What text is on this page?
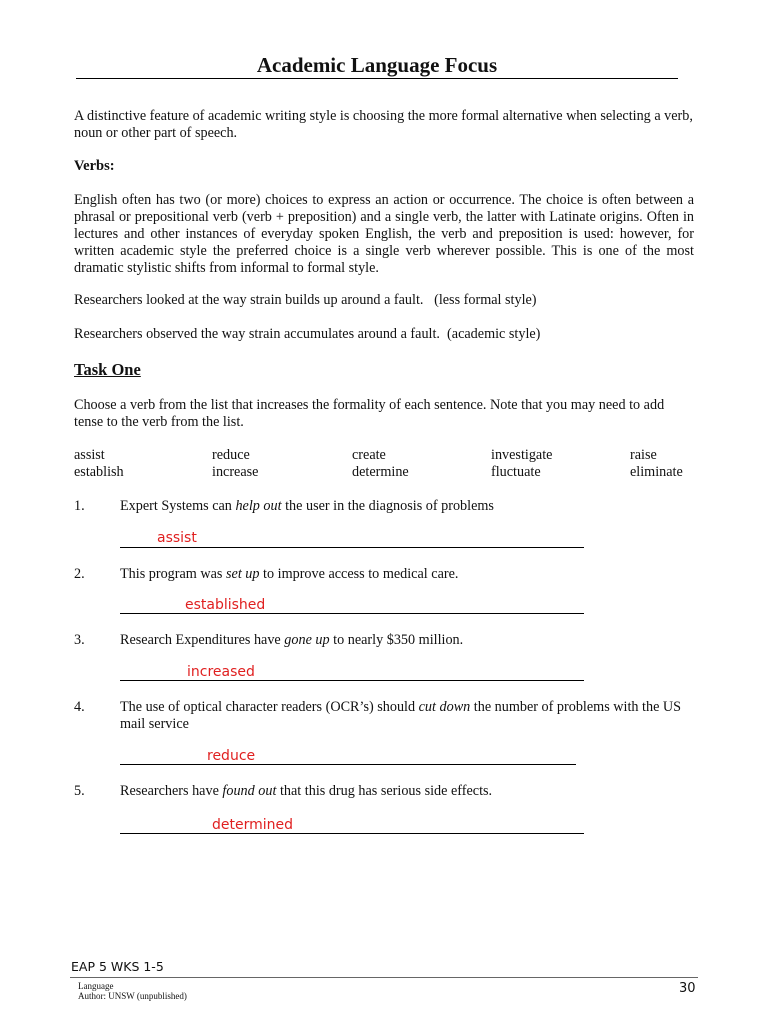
Academic Language Focus
A distinctive feature of academic writing style is choosing the more formal alternative when selecting a verb, noun or other part of speech.
Verbs:
English often has two (or more) choices to express an action or occurrence. The choice is often between a phrasal or prepositional verb (verb + preposition) and a single verb, the latter with Latinate origins. Often in lectures and other instances of everyday spoken English, the verb and preposition is used: however, for written academic style the preferred choice is a single verb wherever possible. This is one of the most dramatic stylistic shifts from informal to formal style.
Researchers looked at the way strain builds up around a fault.   (less formal style)
Researchers observed the way strain accumulates around a fault.  (academic style)
Task One
Choose a verb from the list that increases the formality of each sentence. Note that you may need to add tense to the verb from the list.
assist	reduce	create	investigate	raise
establish	increase	determine	fluctuate	eliminate
1. Expert Systems can help out the user in the diagnosis of problems
assist
2. This program was set up to improve access to medical care.
established
3. Research Expenditures have gone up to nearly $350 million.
increased
4. The use of optical character readers (OCR’s) should cut down the number of problems with the US mail service
reduce
5. Researchers have found out that this drug has serious side effects.
determined
EAP 5 WKS 1-5
Language
Author: UNSW (unpublished)	30
